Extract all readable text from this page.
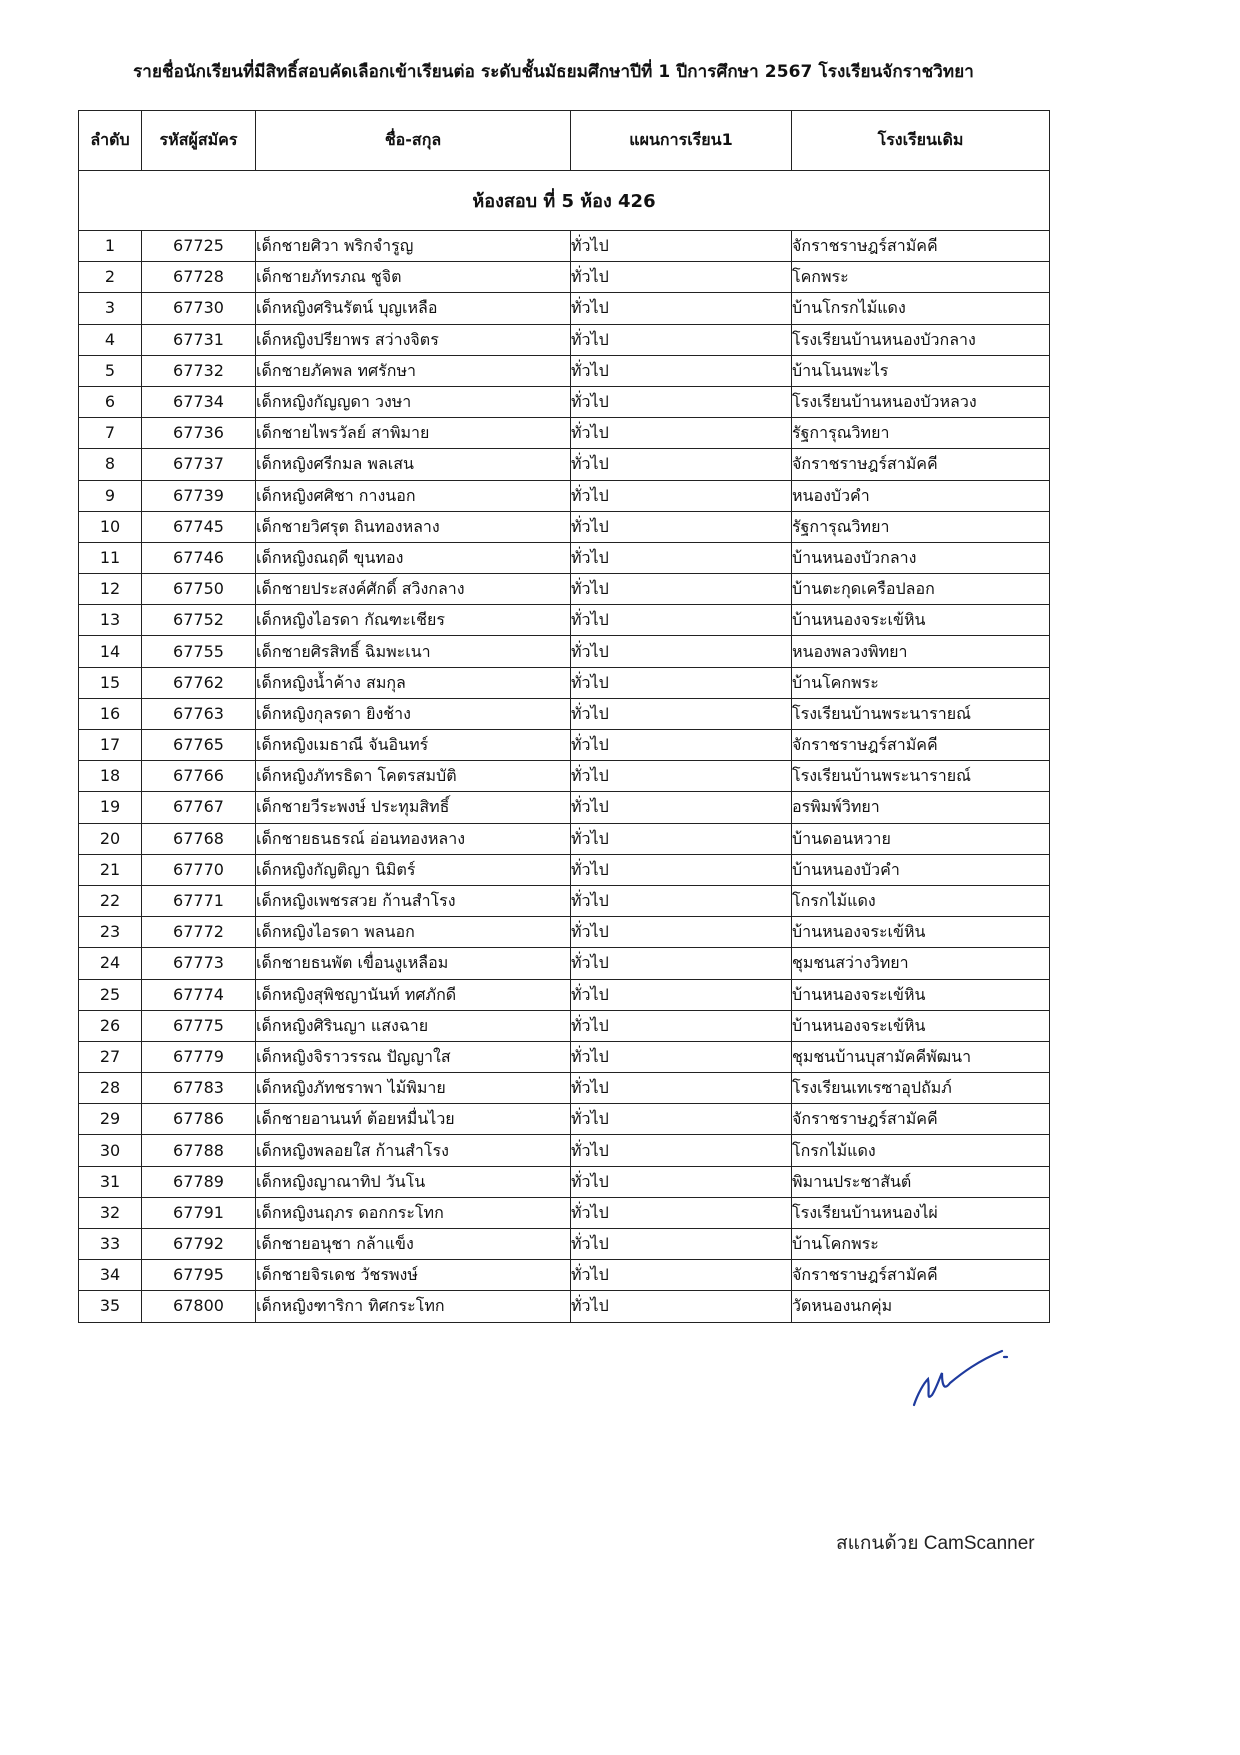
รายชื่อนักเรียนที่มีสิทธิ์สอบคัดเลือกเข้าเรียนต่อ ระดับชั้นมัธยมศึกษาปีที่ 1 ปีการศึกษา 2567 โรงเรียนจักราชวิทยา
ลำดับ	รหัสผู้สมัคร	ชื่อ-สกุล	แผนการเรียน1	โรงเรียนเดิม
ห้องสอบ ที่ 5 ห้อง 426				
1	67725	เด็กชายศิวา พริกจำรูญ	ทั่วไป	จักราชราษฎร์สามัคคี
2	67728	เด็กชายภัทรภณ ชูจิต	ทั่วไป	โคกพระ
3	67730	เด็กหญิงศรินรัตน์ บุญเหลือ	ทั่วไป	บ้านโกรกไม้แดง
4	67731	เด็กหญิงปรียาพร สว่างจิตร	ทั่วไป	โรงเรียนบ้านหนองบัวกลาง
5	67732	เด็กชายภัคพล ทศรักษา	ทั่วไป	บ้านโนนพะไร
6	67734	เด็กหญิงกัญญดา วงษา	ทั่วไป	โรงเรียนบ้านหนองบัวหลวง
7	67736	เด็กชายไพรวัลย์ สาพิมาย	ทั่วไป	รัฐการุณวิทยา
8	67737	เด็กหญิงศรีกมล พลเสน	ทั่วไป	จักราชราษฎร์สามัคคี
9	67739	เด็กหญิงศศิชา กางนอก	ทั่วไป	หนองบัวคำ
10	67745	เด็กชายวิศรุต ถินทองหลาง	ทั่วไป	รัฐการุณวิทยา
11	67746	เด็กหญิงณฤดี ขุนทอง	ทั่วไป	บ้านหนองบัวกลาง
12	67750	เด็กชายประสงค์ศักดิ์ สวิงกลาง	ทั่วไป	บ้านตะกุดเครือปลอก
13	67752	เด็กหญิงไอรดา กัณฑะเชียร	ทั่วไป	บ้านหนองจระเข้หิน
14	67755	เด็กชายศิรสิทธิ์ ฉิมพะเนา	ทั่วไป	หนองพลวงพิทยา
15	67762	เด็กหญิงน้ำค้าง สมกุล	ทั่วไป	บ้านโคกพระ
16	67763	เด็กหญิงกุลรดา ยิงช้าง	ทั่วไป	โรงเรียนบ้านพระนารายณ์
17	67765	เด็กหญิงเมธาณี จันอินทร์	ทั่วไป	จักราชราษฎร์สามัคคี
18	67766	เด็กหญิงภัทรธิดา โคตรสมบัติ	ทั่วไป	โรงเรียนบ้านพระนารายณ์
19	67767	เด็กชายวีระพงษ์ ประทุมสิทธิ์	ทั่วไป	อรพิมพ์วิทยา
20	67768	เด็กชายธนธรณ์ อ่อนทองหลาง	ทั่วไป	บ้านดอนหวาย
21	67770	เด็กหญิงกัญติญา นิมิตร์	ทั่วไป	บ้านหนองบัวคำ
22	67771	เด็กหญิงเพชรสวย ก้านสำโรง	ทั่วไป	โกรกไม้แดง
23	67772	เด็กหญิงไอรดา พลนอก	ทั่วไป	บ้านหนองจระเข้หิน
24	67773	เด็กชายธนพัต เขื่อนงูเหลือม	ทั่วไป	ชุมชนสว่างวิทยา
25	67774	เด็กหญิงสุพิชญานันท์ ทศภักดี	ทั่วไป	บ้านหนองจระเข้หิน
26	67775	เด็กหญิงศิรินญา แสงฉาย	ทั่วไป	บ้านหนองจระเข้หิน
27	67779	เด็กหญิงจิราวรรณ ปัญญาใส	ทั่วไป	ชุมชนบ้านบุสามัคคีพัฒนา
28	67783	เด็กหญิงภัทชราพา ไม้พิมาย	ทั่วไป	โรงเรียนเทเรซาอุปถัมภ์
29	67786	เด็กชายอานนท์ ต้อยหมื่นไวย	ทั่วไป	จักราชราษฎร์สามัคคี
30	67788	เด็กหญิงพลอยใส ก้านสำโรง	ทั่วไป	โกรกไม้แดง
31	67789	เด็กหญิงญาณาทิป วันโน	ทั่วไป	พิมานประชาสันต์
32	67791	เด็กหญิงนฤภร ดอกกระโทก	ทั่วไป	โรงเรียนบ้านหนองไผ่
33	67792	เด็กชายอนุชา กล้าแข็ง	ทั่วไป	บ้านโคกพระ
34	67795	เด็กชายจิรเดช วัชรพงษ์	ทั่วไป	จักราชราษฎร์สามัคคี
35	67800	เด็กหญิงฑาริกา ทิศกระโทก	ทั่วไป	วัดหนองนกคุ่ม
สแกนด้วย CamScanner
